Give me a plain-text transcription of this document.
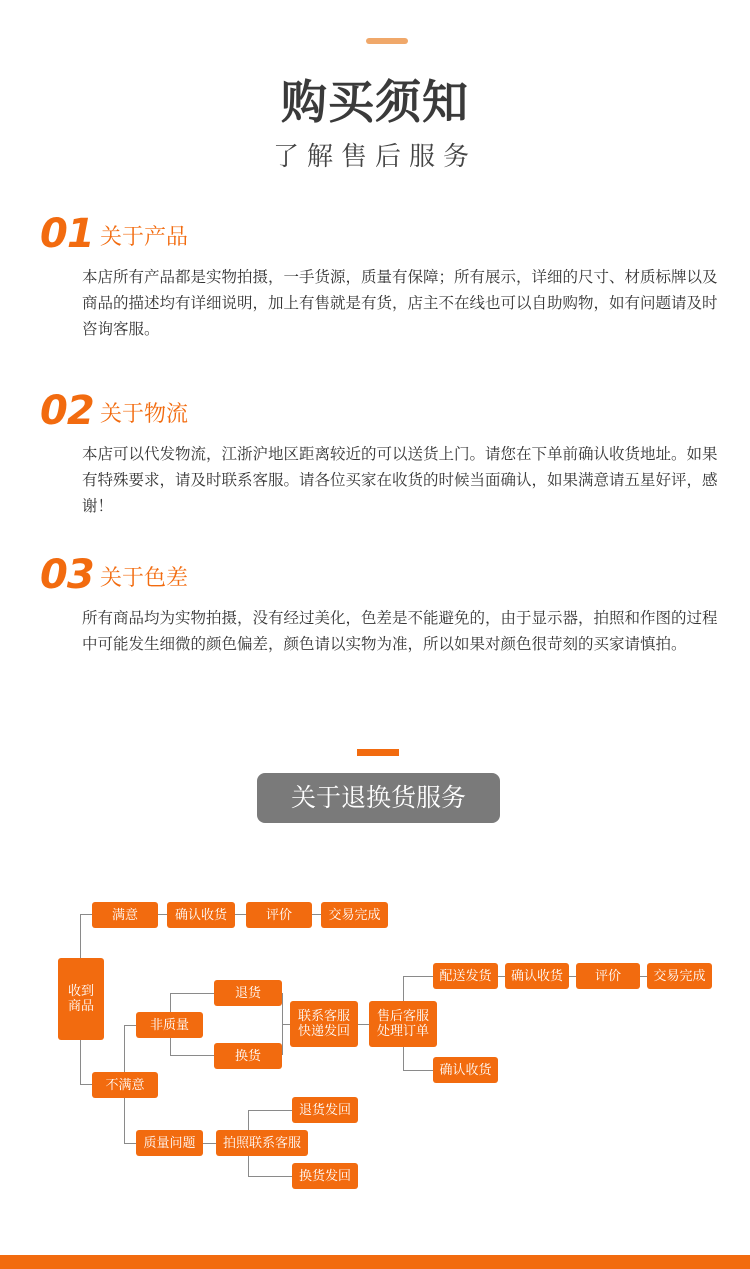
购买须知
了解售后服务
01 关于产品
本店所有产品都是实物拍摄，一手货源，质量有保障；所有展示，详细的尺寸、材质标牌以及商品的描述均有详细说明，加上有售就是有货，店主不在线也可以自助购物，如有问题请及时咨询客服。
02 关于物流
本店可以代发物流，江浙沪地区距离较近的可以送货上门。请您在下单前确认收货地址。如果有特殊要求，请及时联系客服。请各位买家在收货的时候当面确认，如果满意请五星好评，感谢！
03 关于色差
所有商品均为实物拍摄，没有经过美化，色差是不能避免的，由于显示器，拍照和作图的过程中可能发生细微的颜色偏差，颜色请以实物为准，所以如果对颜色很苛刻的买家请慎拍。
关于退换货服务
收到商品
满意	确认收货	评价	交易完成
不满意
非质量
退货
换货
联系客服快递发回
售后客服处理订单
配送发货	确认收货	评价	交易完成
确认收货
质量问题	拍照联系客服
退货发回
换货发回
